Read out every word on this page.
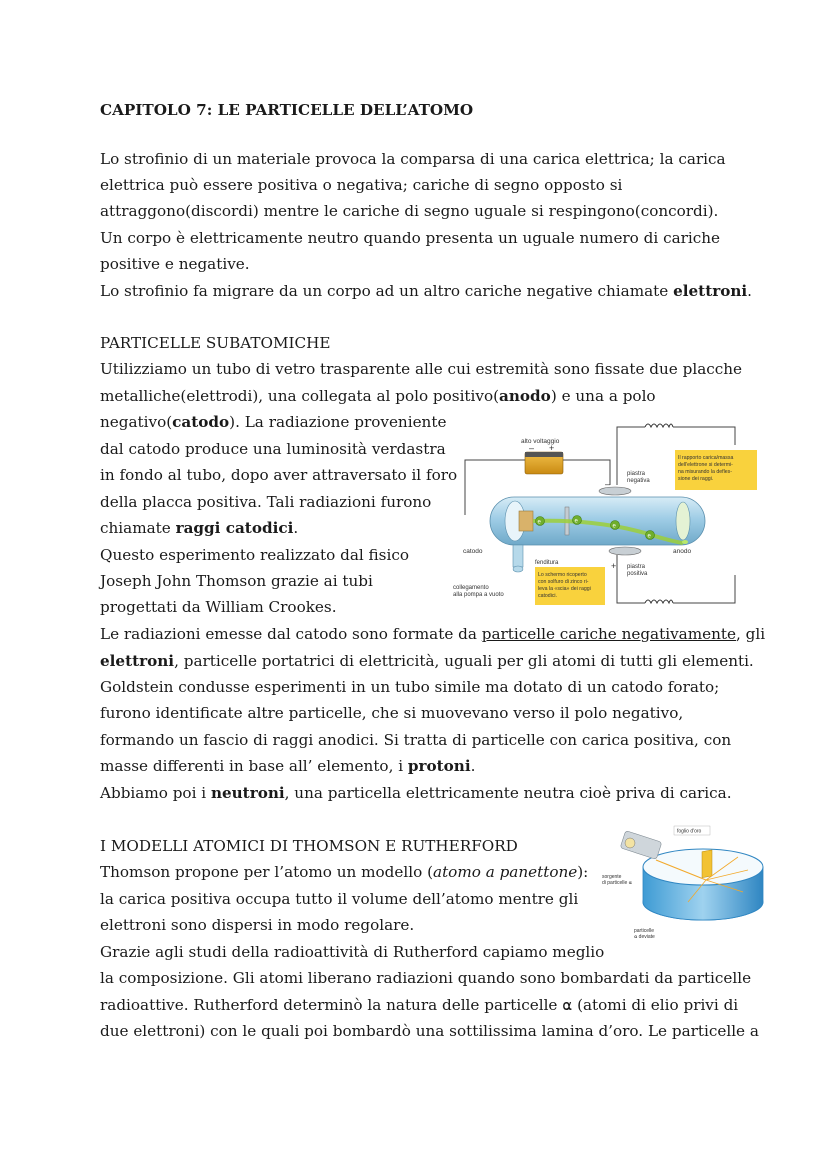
CAPITOLO 7: LE PARTICELLE DELL’ATOMO
Lo strofinio di un materiale provoca la comparsa di una carica elettrica; la carica
elettrica può essere positiva o negativa; cariche di segno opposto si
attraggono(discordi) mentre le cariche di segno uguale si respingono(concordi).
Un corpo è elettricamente neutro quando presenta un uguale numero di cariche
positive e negative.
Lo strofinio fa migrare da un corpo ad un altro cariche negative chiamate elettroni.
PARTICELLE SUBATOMICHE
Utilizziamo un tubo di vetro trasparente alle cui estremità sono fissate due placche
metalliche(elettrodi), una collegata al polo positivo(anodo) e una a polo
negativo(catodo). La radiazione proveniente
dal catodo produce una luminosità verdastra
in fondo al tubo, dopo aver attraversato il foro
della placca positiva. Tali radiazioni furono
chiamate raggi catodici.
Questo esperimento realizzato dal fisico
Joseph John Thomson grazie ai tubi
progettati da William Crookes.
Le radiazioni emesse dal catodo sono formate da particelle cariche negativamente, gli
elettroni, particelle portatrici di elettricità, uguali per gli atomi di tutti gli elementi.
Goldstein condusse esperimenti in un tubo simile ma dotato di un catodo forato;
furono identificate altre particelle, che si muovevano verso il polo negativo,
formando un fascio di raggi anodici. Si tratta di particelle con carica positiva, con
masse differenti in base all’ elemento, i protoni.
Abbiamo poi i neutroni, una particella elettricamente neutra cioè priva di carica.
I MODELLI ATOMICI DI THOMSON E RUTHERFORD
Thomson propone per l’atomo un modello (atomo a panettone):
la carica positiva occupa tutto il volume dell’atomo mentre gli
elettroni sono dispersi in modo regolare.
Grazie agli studi della radioattività di Rutherford capiamo meglio
la composizione. Gli atomi liberano radiazioni quando sono bombardati da particelle
radioattive. Rutherford determinò la natura delle particelle ⍺ (atomi di elio privi di
due elettroni) con le quali poi bombardò una sottilissima lamina d’oro. Le particelle a
alto voltaggio
– +
–
+
e	e
e
e
piastra
negativa
piastra
positiva
catodo	anodo
fenditura
collegamento
alla pompa a vuoto
Il rapporto carica/massa
dell'elettrone si determi-
na misurando la defles-
sione dei raggi.
Lo schermo ricoperto
con solfuro di zinco ri-
leva la «scia» dei raggi
catodici.
foglio d'oro
sorgente
di particelle ⍺
particelle
⍺ deviate
